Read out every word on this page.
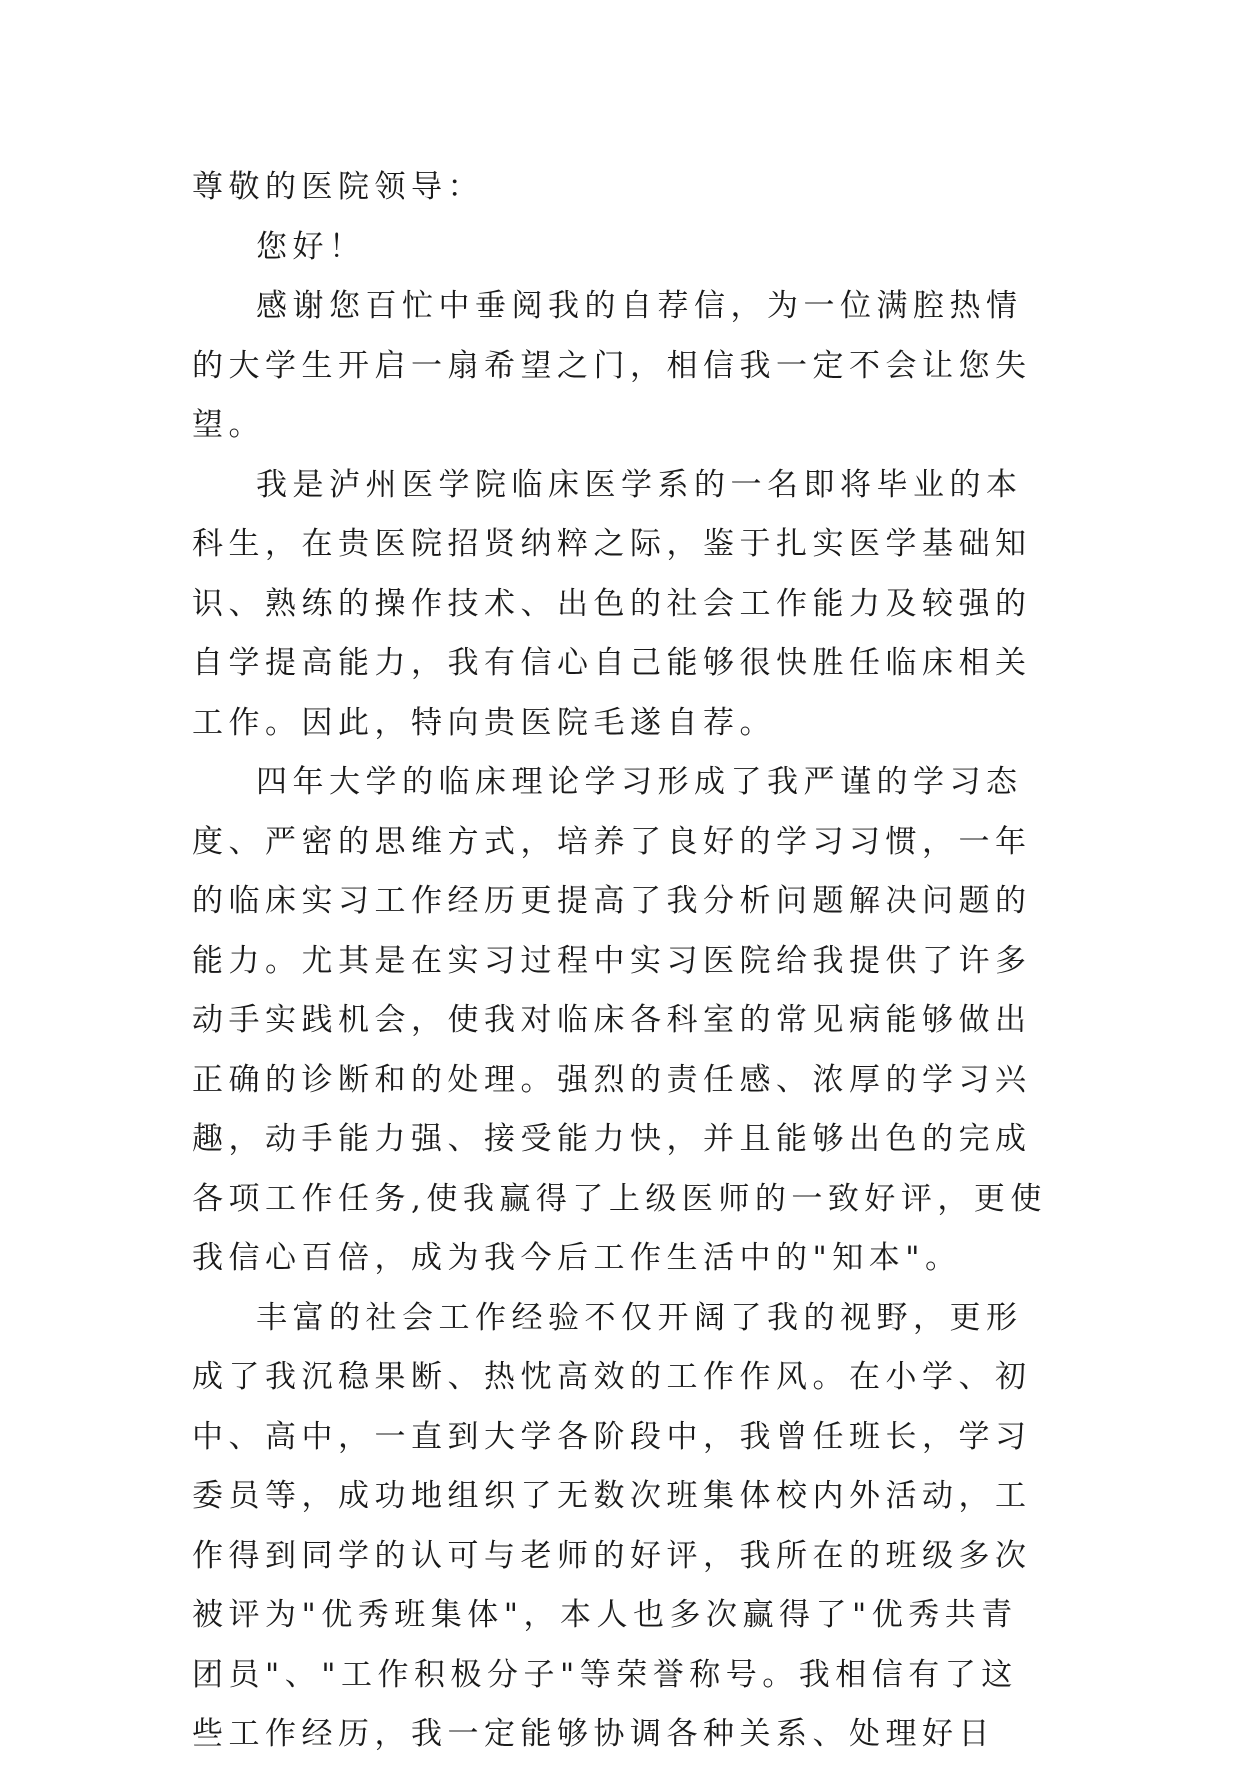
尊敬的医院领导：

您好！

感谢您百忙中垂阅我的自荐信，为一位满腔热情的大学生开启一扇希望之门，相信我一定不会让您失望。

我是泸州医学院临床医学系的一名即将毕业的本科生，在贵医院招贤纳粹之际，鉴于扎实医学基础知识、熟练的操作技术、出色的社会工作能力及较强的自学提高能力，我有信心自己能够很快胜任临床相关工作。因此，特向贵医院毛遂自荐。

四年大学的临床理论学习形成了我严谨的学习态度、严密的思维方式，培养了良好的学习习惯，一年的临床实习工作经历更提高了我分析问题解决问题的能力。尤其是在实习过程中实习医院给我提供了许多动手实践机会，使我对临床各科室的常见病能够做出正确的诊断和的处理。强烈的责任感、浓厚的学习兴趣，动手能力强、接受能力快，并且能够出色的完成各项工作任务,使我赢得了上级医师的一致好评，更使我信心百倍，成为我今后工作生活中的"知本"。

丰富的社会工作经验不仅开阔了我的视野，更形成了我沉稳果断、热忱高效的工作作风。在小学、初中、高中，一直到大学各阶段中，我曾任班长，学习委员等，成功地组织了无数次班集体校内外活动，工作得到同学的认可与老师的好评，我所在的班级多次被评为"优秀班集体"，本人也多次赢得了"优秀共青团员"、"工作积极分子"等荣誉称号。我相信有了这些工作经历，我一定能够协调各种关系、处理好日
